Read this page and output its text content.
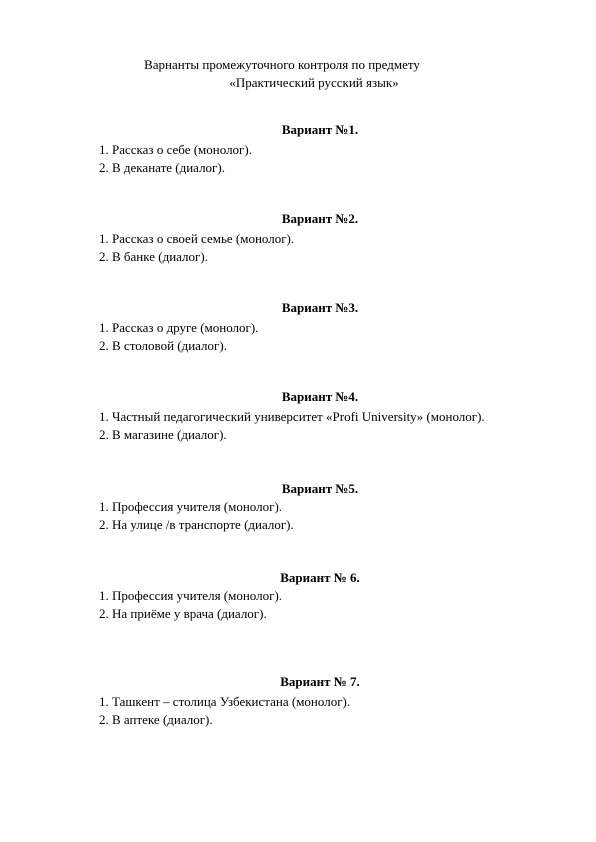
Варнанты промежуточного контроля по предмету
«Практический русский язык»
Вариант №1.
1. Рассказ о себе (монолог).
2. В деканате (диалог).
Вариант №2.
1. Рассказ о своей семье (монолог).
2. В банке (диалог).
Вариант №3.
1. Рассказ о друге (монолог).
2. В столовой (диалог).
Вариант №4.
1. Частный педагогический университет «Profi University» (монолог).
2. В магазине (диалог).
Вариант №5.
1. Профессия учителя (монолог).
2. На улице /в транспорте (диалог).
Вариант № 6.
1. Профессия учителя (монолог).
2. На приёме у врача (диалог).
Вариант № 7.
1. Ташкент – столица Узбекистана (монолог).
2. В аптеке (диалог).
